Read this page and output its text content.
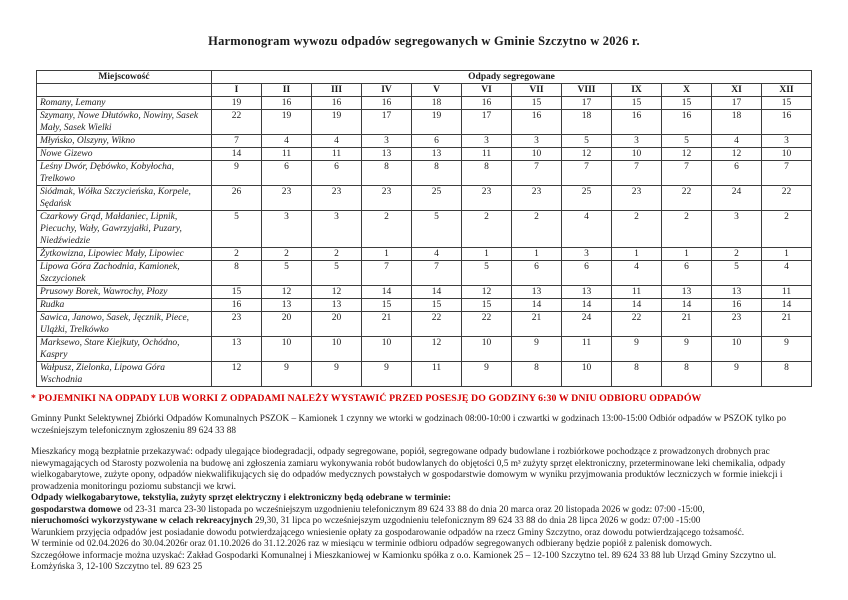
Harmonogram wywozu odpadów segregowanych w Gminie Szczytno w 2026 r.
Miejscowość	Odpady segregowane											
	I	II	III	IV	V	VI	VII	VIII	IX	X	XI	XII
Romany, Lemany	19	16	16	16	18	16	15	17	15	15	17	15
Szymany, Nowe Dłutówko, Nowiny, Sasek Mały, Sasek Wielki	22	19	19	17	19	17	16	18	16	16	18	16
Młyńsko, Olszyny, Wikno	7	4	4	3	6	3	3	5	3	5	4	3
Nowe Gizewo	14	11	11	13	13	11	10	12	10	12	12	10
Leśny Dwór, Dębówko, Kobyłocha, Trelkowo	9	6	6	8	8	8	7	7	7	7	6	7
Siódmak, Wółka Szczycieńska, Korpele, Sędańsk	26	23	23	23	25	23	23	25	23	22	24	22
Czarkowy Grąd, Małdaniec, Lipnik, Piecuchy, Wały, Gawrzyjałki, Puzary, Niedźwiedzie	5	3	3	2	5	2	2	4	2	2	3	2
Żytkowizna, Lipowiec Mały, Lipowiec	2	2	2	1	4	1	1	3	1	1	2	1
Lipowa Góra Zachodnia, Kamionek, Szczycionek	8	5	5	7	7	5	6	6	4	6	5	4
Prusowy Borek, Wawrochy, Płozy	15	12	12	14	14	12	13	13	11	13	13	11
Rudka	16	13	13	15	15	15	14	14	14	14	16	14
Sawica, Janowo, Sasek, Jęcznik, Piece, Ulążki, Trelkówko	23	20	20	21	22	22	21	24	22	21	23	21
Marksewo, Stare Kiejkuty, Ochódno, Kaspry	13	10	10	10	12	10	9	11	9	9	10	9
Wałpusz, Zielonka, Lipowa Góra Wschodnia	12	9	9	9	11	9	8	10	8	8	9	8
* POJEMNIKI NA ODPADY LUB WORKI Z ODPADAMI NALEŻY WYSTAWIĆ PRZED POSESJĘ DO GODZINY 6:30 W DNIU ODBIORU ODPADÓW
Gminny Punkt Selektywnej Zbiórki Odpadów Komunalnych PSZOK – Kamionek 1 czynny we wtorki w godzinach 08:00-10:00 i czwartki w godzinach 13:00-15:00 Odbiór odpadów w PSZOK tylko po wcześniejszym telefonicznym zgłoszeniu 89 624 33 88
Mieszkańcy mogą bezpłatnie przekazywać: odpady ulegające biodegradacji, odpady segregowane, popiół, segregowane odpady budowlane i rozbiórkowe pochodzące z prowadzonych drobnych prac niewymagających od Starosty pozwolenia na budowę ani zgłoszenia zamiaru wykonywania robót budowlanych do objętości 0,5 m³ zużyty sprzęt elektroniczny, przeterminowane leki chemikalia, odpady wielkogabarytowe, zużyte opony, odpadów niekwalifikujących się do odpadów medycznych powstałych w gospodarstwie domowym w wyniku przyjmowania produktów leczniczych w formie iniekcji i prowadzenia monitoringu poziomu substancji we krwi.
Odpady wielkogabarytowe, tekstylia, zużyty sprzęt elektryczny i elektroniczny będą odebrane w terminie:
gospodarstwa domowe od 23-31 marca 23-30 listopada po wcześniejszym uzgodnieniu telefonicznym 89 624 33 88 do dnia 20 marca oraz 20 listopada 2026 w godz: 07:00 -15:00,
nieruchomości wykorzystywane w celach rekreacyjnych 29,30, 31 lipca po wcześniejszym uzgodnieniu telefonicznym 89 624 33 88 do dnia 28 lipca 2026 w godz: 07:00 -15:00
Warunkiem przyjęcia odpadów jest posiadanie dowodu potwierdzającego wniesienie opłaty za gospodarowanie odpadów na rzecz Gminy Szczytno, oraz dowodu potwierdzającego tożsamość.
W terminie od 02.04.2026 do 30.04.2026r oraz 01.10.2026 do 31.12.2026 raz w miesiącu w terminie odbioru odpadów segregowanych odbierany będzie popiół z palenisk domowych.
Szczegółowe informacje można uzyskać: Zakład Gospodarki Komunalnej i Mieszkaniowej w Kamionku spółka z o.o. Kamionek 25 – 12-100 Szczytno tel. 89 624 33 88 lub Urząd Gminy Szczytno ul. Łomżyńska 3, 12-100 Szczytno tel. 89 623 25
